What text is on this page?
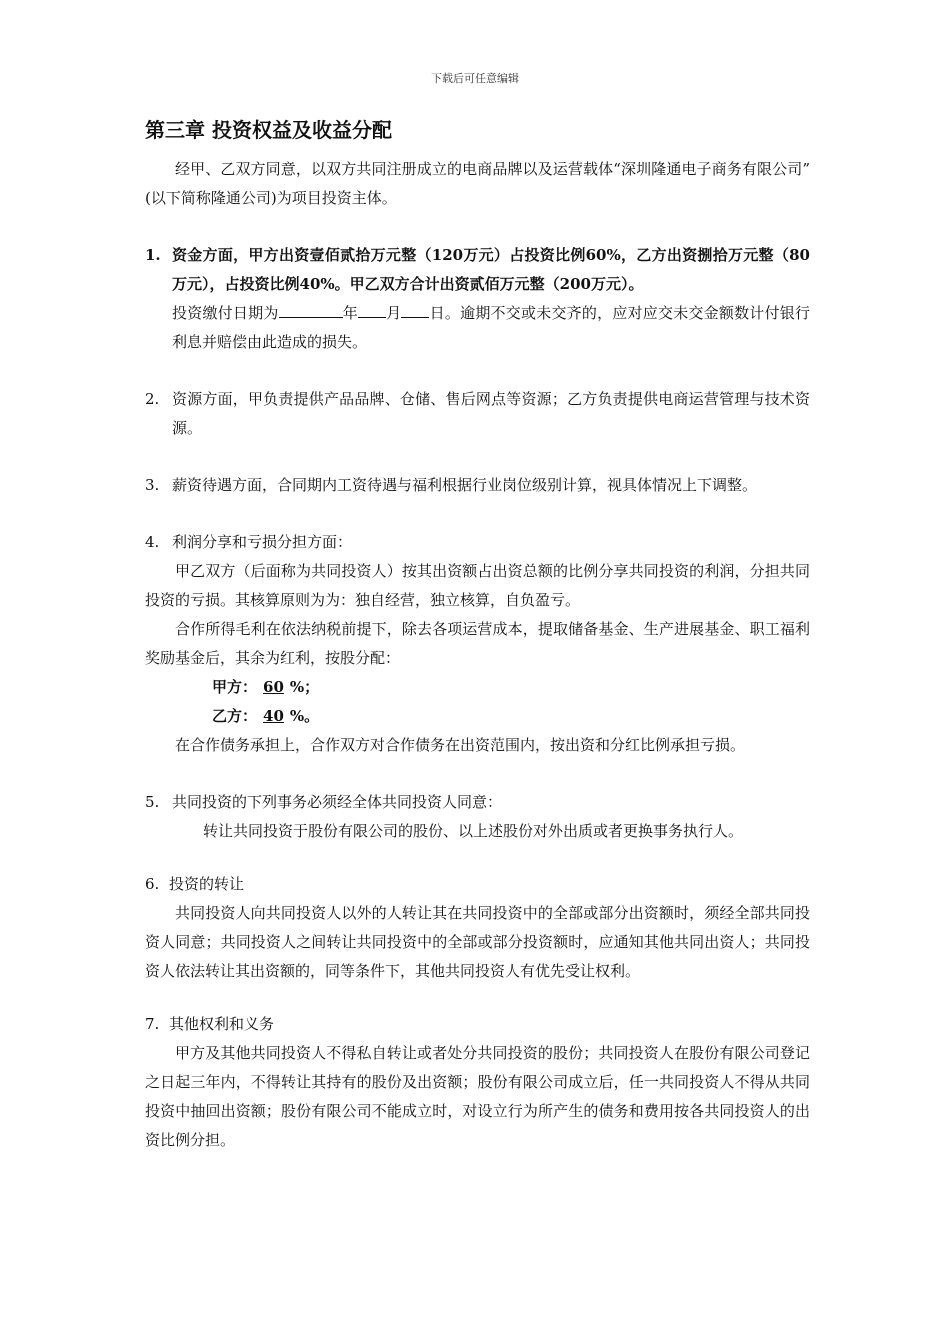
下载后可任意编辑
第三章 投资权益及收益分配

经甲、乙双方同意，以双方共同注册成立的电商品牌以及运营载体“深圳隆通电子商务有限公司” (以下简称隆通公司)为项目投资主体。

1. 资金方面，甲方出资壹佰贰拾万元整（120万元）占投资比例60%，乙方出资捌拾万元整（80万元），占投资比例40%。甲乙双方合计出资贰佰万元整（200万元）。
投资缴付日期为	年 月 日。逾期不交或未交齐的，应对应交未交金额数计付银行利息并赔偿由此造成的损失。
2. 资源方面，甲负责提供产品品牌、仓储、售后网点等资源；乙方负责提供电商运营管理与技术资源。
3. 薪资待遇方面，合同期内工资待遇与福利根据行业岗位级别计算，视具体情况上下调整。
4. 利润分享和亏损分担方面：

甲乙双方（后面称为共同投资人）按其出资额占出资总额的比例分享共同投资的利润，分担共同投资的亏损。其核算原则为为：独自经营，独立核算，自负盈亏。

合作所得毛利在依法纳税前提下，除去各项运营成本，提取储备基金、生产进展基金、职工福利奖励基金后，其余为红利，按股分配：

甲方： 60 %；
乙方： 40 %。

在合作债务承担上，合作双方对合作债务在出资范围内，按出资和分红比例承担亏损。

5. 共同投资的下列事务必须经全体共同投资人同意：

转让共同投资于股份有限公司的股份、以上述股份对外出质或者更换事务执行人。

6. 投资的转让

共同投资人向共同投资人以外的人转让其在共同投资中的全部或部分出资额时，须经全部共同投资人同意；共同投资人之间转让共同投资中的全部或部分投资额时，应通知其他共同出资人；共同投资人依法转让其出资额的，同等条件下，其他共同投资人有优先受让权利。

7. 其他权利和义务

甲方及其他共同投资人不得私自转让或者处分共同投资的股份；共同投资人在股份有限公司登记之日起三年内，不得转让其持有的股份及出资额；股份有限公司成立后，任一共同投资人不得从共同投资中抽回出资额；股份有限公司不能成立时，对设立行为所产生的债务和费用按各共同投资人的出资比例分担。
